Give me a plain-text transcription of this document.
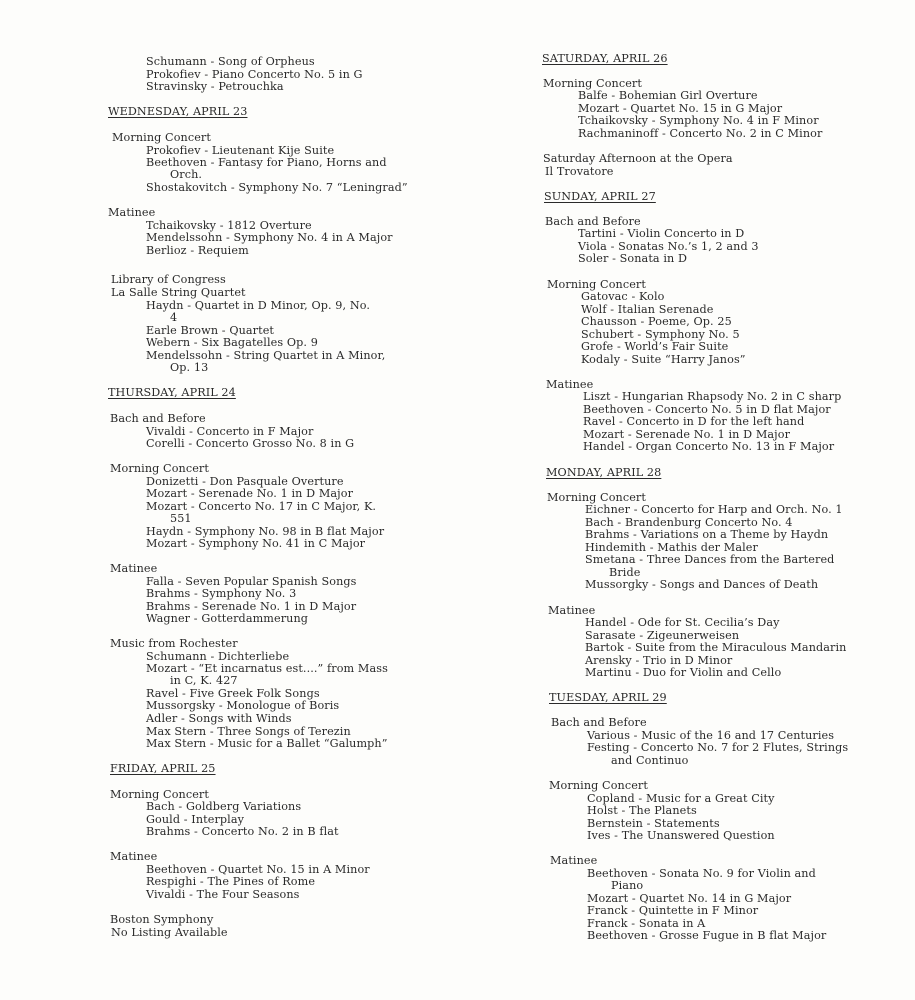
Schumann - Song of Orpheus
Prokofiev - Piano Concerto No. 5 in G
Stravinsky - Petrouchka
WEDNESDAY, APRIL 23
Morning Concert
Prokofiev - Lieutenant Kije Suite
Beethoven - Fantasy for Piano, Horns and
Orch.
Shostakovitch - Symphony No. 7 “Leningrad”
Matinee
Tchaikovsky - 1812 Overture
Mendelssohn - Symphony No. 4 in A Major
Berlioz - Requiem
Library of Congress
La Salle String Quartet
Haydn - Quartet in D Minor, Op. 9, No.
4
Earle Brown - Quartet
Webern - Six Bagatelles Op. 9
Mendelssohn - String Quartet in A Minor,
Op. 13
THURSDAY, APRIL 24
Bach and Before
Vivaldi - Concerto in F Major
Corelli - Concerto Grosso No. 8 in G
Morning Concert
Donizetti - Don Pasquale Overture
Mozart - Serenade No. 1 in D Major
Mozart - Concerto No. 17 in C Major, K.
551
Haydn - Symphony No. 98 in B flat Major
Mozart - Symphony No. 41 in C Major
Matinee
Falla - Seven Popular Spanish Songs
Brahms - Symphony No. 3
Brahms - Serenade No. 1 in D Major
Wagner - Gotterdammerung
Music from Rochester
Schumann - Dichterliebe
Mozart - “Et incarnatus est....” from Mass
in C, K. 427
Ravel - Five Greek Folk Songs
Mussorgsky - Monologue of Boris
Adler - Songs with Winds
Max Stern - Three Songs of Terezin
Max Stern - Music for a Ballet “Galumph”
FRIDAY, APRIL 25
Morning Concert
Bach - Goldberg Variations
Gould - Interplay
Brahms - Concerto No. 2 in B flat
Matinee
Beethoven - Quartet No. 15 in A Minor
Respighi - The Pines of Rome
Vivaldi - The Four Seasons
Boston Symphony
No Listing Available
SATURDAY, APRIL 26
Morning Concert
Balfe - Bohemian Girl Overture
Mozart - Quartet No. 15 in G Major
Tchaikovsky - Symphony No. 4 in F Minor
Rachmaninoff - Concerto No. 2 in C Minor
Saturday Afternoon at the Opera
Il Trovatore
SUNDAY, APRIL 27
Bach and Before
Tartini - Violin Concerto in D
Viola - Sonatas No.’s 1, 2 and 3
Soler - Sonata in D
Morning Concert
Gatovac - Kolo
Wolf - Italian Serenade
Chausson - Poeme, Op. 25
Schubert - Symphony No. 5
Grofe - World’s Fair Suite
Kodaly - Suite “Harry Janos”
Matinee
Liszt - Hungarian Rhapsody No. 2 in C sharp
Beethoven - Concerto No. 5 in D flat Major
Ravel - Concerto in D for the left hand
Mozart - Serenade No. 1 in D Major
Handel - Organ Concerto No. 13 in F Major
MONDAY, APRIL 28
Morning Concert
Eichner - Concerto for Harp and Orch. No. 1
Bach - Brandenburg Concerto No. 4
Brahms - Variations on a Theme by Haydn
Hindemith - Mathis der Maler
Smetana - Three Dances from the Bartered
Bride
Mussorgky - Songs and Dances of Death
Matinee
Handel - Ode for St. Cecilia’s Day
Sarasate - Zigeunerweisen
Bartok - Suite from the Miraculous Mandarin
Arensky - Trio in D Minor
Martinu - Duo for Violin and Cello
TUESDAY, APRIL 29
Bach and Before
Various - Music of the 16 and 17 Centuries
Festing - Concerto No. 7 for 2 Flutes, Strings
and Continuo
Morning Concert
Copland - Music for a Great City
Holst - The Planets
Bernstein - Statements
Ives - The Unanswered Question
Matinee
Beethoven - Sonata No. 9 for Violin and
Piano
Mozart - Quartet No. 14 in G Major
Franck - Quintette in F Minor
Franck - Sonata in A
Beethoven - Grosse Fugue in B flat Major
